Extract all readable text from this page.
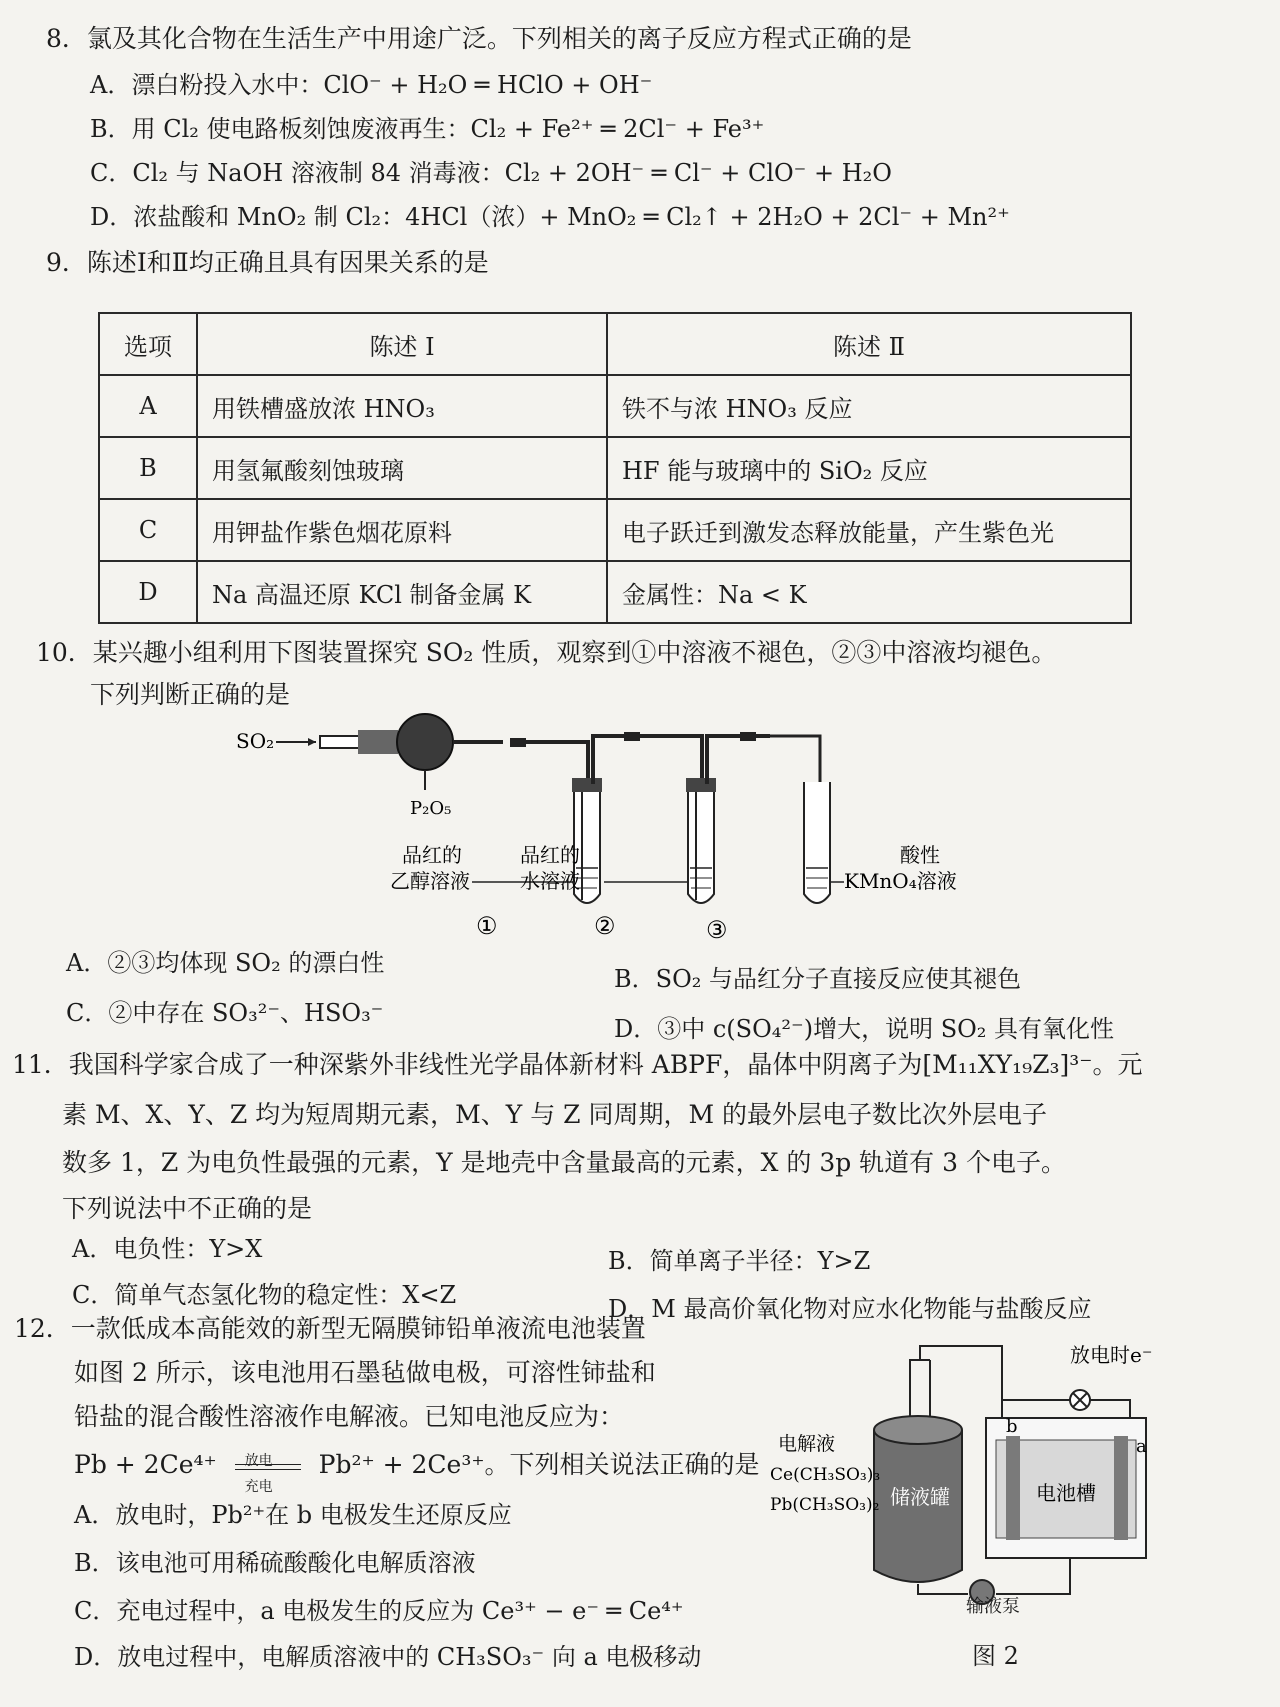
8．氯及其化合物在生活生产中用途广泛。下列相关的离子反应方程式正确的是
A．漂白粉投入水中：ClO⁻ + H₂O ═ HClO + OH⁻
B．用 Cl₂ 使电路板刻蚀废液再生：Cl₂ + Fe²⁺ ═ 2Cl⁻ + Fe³⁺
C．Cl₂ 与 NaOH 溶液制 84 消毒液：Cl₂ + 2OH⁻ ═ Cl⁻ + ClO⁻ + H₂O
D．浓盐酸和 MnO₂ 制 Cl₂：4HCl（浓）+ MnO₂ ═ Cl₂↑ + 2H₂O + 2Cl⁻ + Mn²⁺
9．陈述Ⅰ和Ⅱ均正确且具有因果关系的是
选项	陈述 Ⅰ	陈述 Ⅱ
A	用铁槽盛放浓 HNO₃	铁不与浓 HNO₃ 反应
B	用氢氟酸刻蚀玻璃	HF 能与玻璃中的 SiO₂ 反应
C	用钾盐作紫色烟花原料	电子跃迁到激发态释放能量，产生紫色光
D	Na 高温还原 KCl 制备金属 K	金属性：Na < K
10．某兴趣小组利用下图装置探究 SO₂ 性质，观察到①中溶液不褪色，②③中溶液均褪色。
下列判断正确的是
SO₂
P₂O₅
品红的
乙醇溶液
品红的
水溶液
酸性
KMnO₄溶液
①	②	③
A．②③均体现 SO₂ 的漂白性
B．SO₂ 与品红分子直接反应使其褪色
C．②中存在 SO₃²⁻、HSO₃⁻
D．③中 c(SO₄²⁻)增大，说明 SO₂ 具有氧化性
11．我国科学家合成了一种深紫外非线性光学晶体新材料 ABPF，晶体中阴离子为[M₁₁XY₁₉Z₃]³⁻。元
素 M、X、Y、Z 均为短周期元素，M、Y 与 Z 同周期，M 的最外层电子数比次外层电子
数多 1，Z 为电负性最强的元素，Y 是地壳中含量最高的元素，X 的 3p 轨道有 3 个电子。
下列说法中不正确的是
A．电负性：Y>X	B．简单离子半径：Y>Z
C．简单气态氢化物的稳定性：X<Z	D．M 最高价氧化物对应水化物能与盐酸反应
12．一款低成本高能效的新型无隔膜铈铅单液流电池装置
如图 2 所示，该电池用石墨毡做电极，可溶性铈盐和
铅盐的混合酸性溶液作电解液。已知电池反应为：
Pb + 2Ce⁴⁺ 放电
充电
Pb²⁺ + 2Ce³⁺。下列相关说法正确的是
A．放电时，Pb²⁺在 b 电极发生还原反应
B．该电池可用稀硫酸酸化电解质溶液
C．充电过程中，a 电极发生的反应为 Ce³⁺ − e⁻ ═ Ce⁴⁺
D．放电过程中，电解质溶液中的 CH₃SO₃⁻ 向 a 电极移动
放电时e⁻
储液罐
电解液
Ce(CH₃SO₃)₃
Pb(CH₃SO₃)₂
b
a
电池槽
输液泵
图 2
